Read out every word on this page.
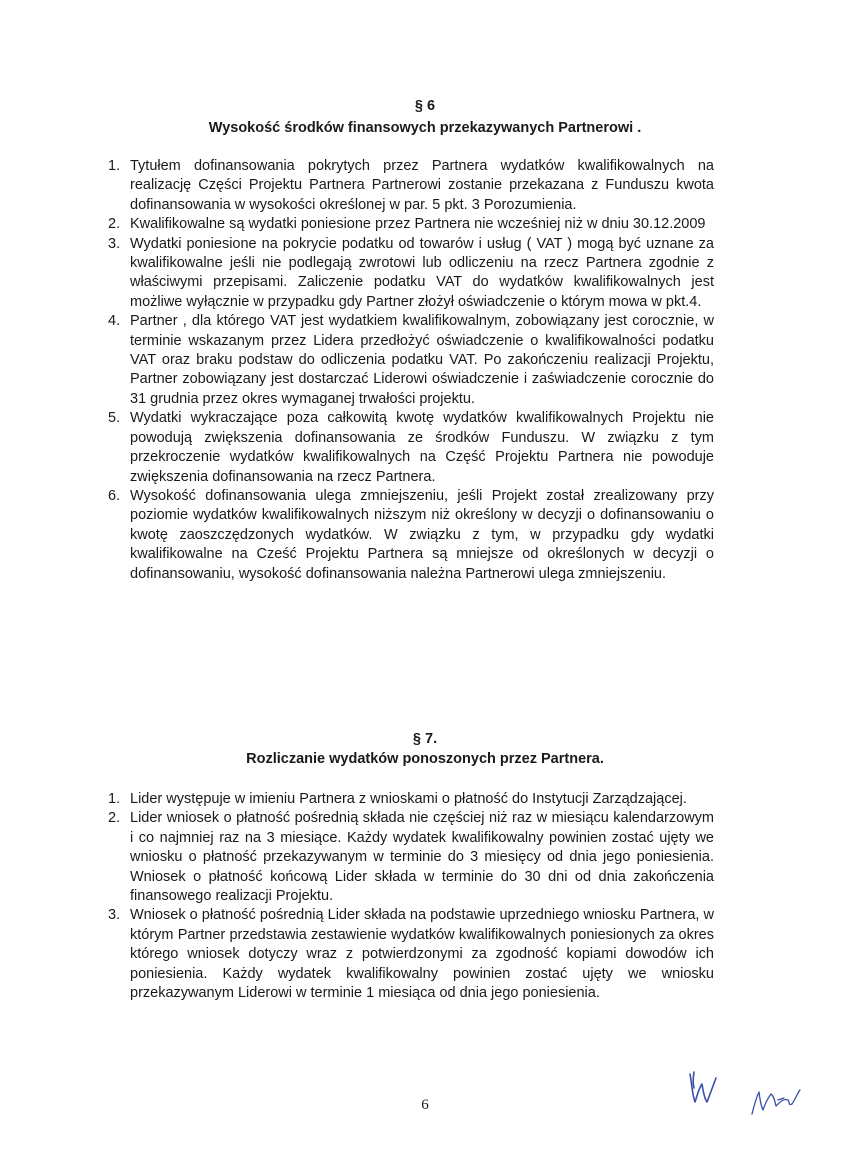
§ 6
Wysokość środków finansowych przekazywanych Partnerowi .
1. Tytułem dofinansowania pokrytych przez Partnera wydatków kwalifikowalnych na realizację Części Projektu Partnera Partnerowi zostanie przekazana z Funduszu kwota dofinansowania w wysokości określonej w par. 5 pkt. 3 Porozumienia.
2. Kwalifikowalne są wydatki poniesione przez Partnera nie wcześniej niż w dniu 30.12.2009
3. Wydatki poniesione na pokrycie podatku od towarów i usług ( VAT ) mogą być uznane za kwalifikowalne jeśli nie podlegają zwrotowi lub odliczeniu na rzecz Partnera zgodnie z właściwymi przepisami. Zaliczenie podatku VAT do wydatków kwalifikowalnych jest możliwe wyłącznie w przypadku gdy Partner złożył oświadczenie o którym mowa w pkt.4.
4. Partner , dla którego VAT jest wydatkiem kwalifikowalnym, zobowiązany jest corocznie, w terminie wskazanym przez Lidera przedłożyć oświadczenie o kwalifikowalności podatku VAT oraz braku podstaw do odliczenia podatku VAT. Po zakończeniu realizacji Projektu, Partner zobowiązany jest dostarczać Liderowi oświadczenie i zaświadczenie corocznie do 31 grudnia przez okres wymaganej trwałości projektu.
5. Wydatki wykraczające poza całkowitą kwotę wydatków kwalifikowalnych Projektu nie powodują zwiększenia dofinansowania ze środków Funduszu. W związku z tym przekroczenie wydatków kwalifikowalnych na Część Projektu Partnera nie powoduje zwiększenia dofinansowania na rzecz Partnera.
6. Wysokość dofinansowania ulega zmniejszeniu, jeśli Projekt został zrealizowany przy poziomie wydatków kwalifikowalnych niższym niż określony w decyzji o dofinansowaniu o kwotę zaoszczędzonych wydatków. W związku z tym, w przypadku gdy wydatki kwalifikowalne na Cześć Projektu Partnera są mniejsze od określonych w decyzji o dofinansowaniu, wysokość dofinansowania należna Partnerowi ulega zmniejszeniu.
§ 7.
Rozliczanie wydatków ponoszonych przez Partnera.
1. Lider występuje w imieniu Partnera z wnioskami o płatność do Instytucji Zarządzającej.
2. Lider wniosek o płatność pośrednią składa nie częściej niż raz w miesiącu kalendarzowym i co najmniej raz na 3 miesiące. Każdy wydatek kwalifikowalny powinien zostać ujęty we wniosku o płatność przekazywanym w terminie do 3 miesięcy od dnia jego poniesienia. Wniosek o płatność końcową Lider składa w terminie do 30 dni od dnia zakończenia finansowego realizacji Projektu.
3. Wniosek o płatność pośrednią Lider składa na podstawie uprzedniego wniosku Partnera, w którym Partner przedstawia zestawienie wydatków kwalifikowalnych poniesionych za okres którego wniosek dotyczy wraz z potwierdzonymi za zgodność kopiami dowodów ich poniesienia. Każdy wydatek kwalifikowalny powinien zostać ujęty we wniosku przekazywanym Liderowi w terminie 1 miesiąca od dnia jego poniesienia.
6
